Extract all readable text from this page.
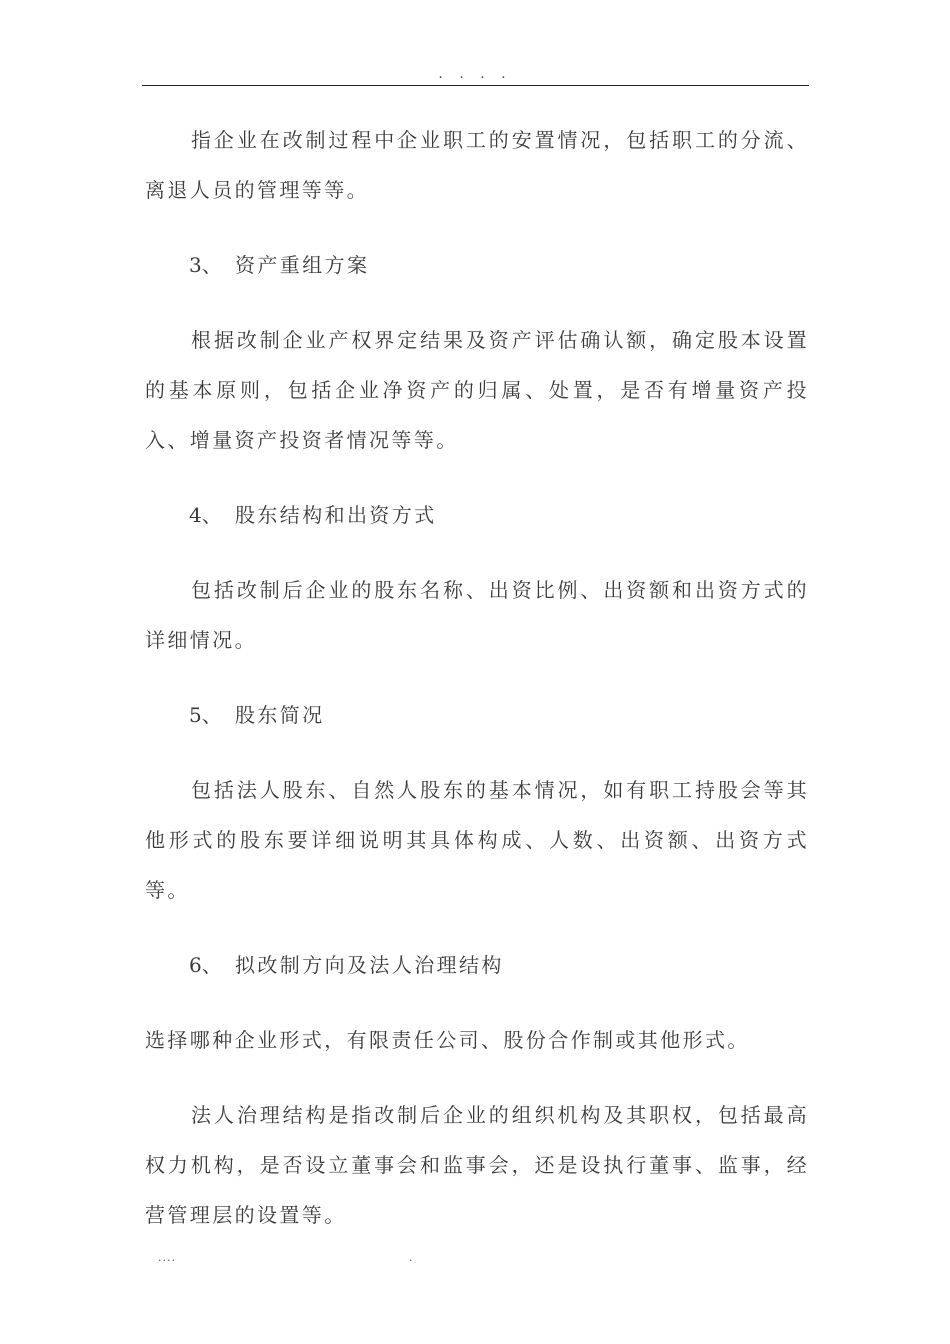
. . . .

指企业在改制过程中企业职工的安置情况，包括职工的分流、离退人员的管理等等。

3、 资产重组方案

根据改制企业产权界定结果及资产评估确认额，确定股本设置的基本原则，包括企业净资产的归属、处置，是否有增量资产投入、增量资产投资者情况等等。

4、 股东结构和出资方式

包括改制后企业的股东名称、出资比例、出资额和出资方式的详细情况。

5、 股东简况

包括法人股东、自然人股东的基本情况，如有职工持股会等其他形式的股东要详细说明其具体构成、人数、出资额、出资方式等。

6、 拟改制方向及法人治理结构

选择哪种企业形式，有限责任公司、股份合作制或其他形式。

法人治理结构是指改制后企业的组织机构及其职权，包括最高权力机构，是否设立董事会和监事会，还是设执行董事、监事，经营管理层的设置等。

....	.
